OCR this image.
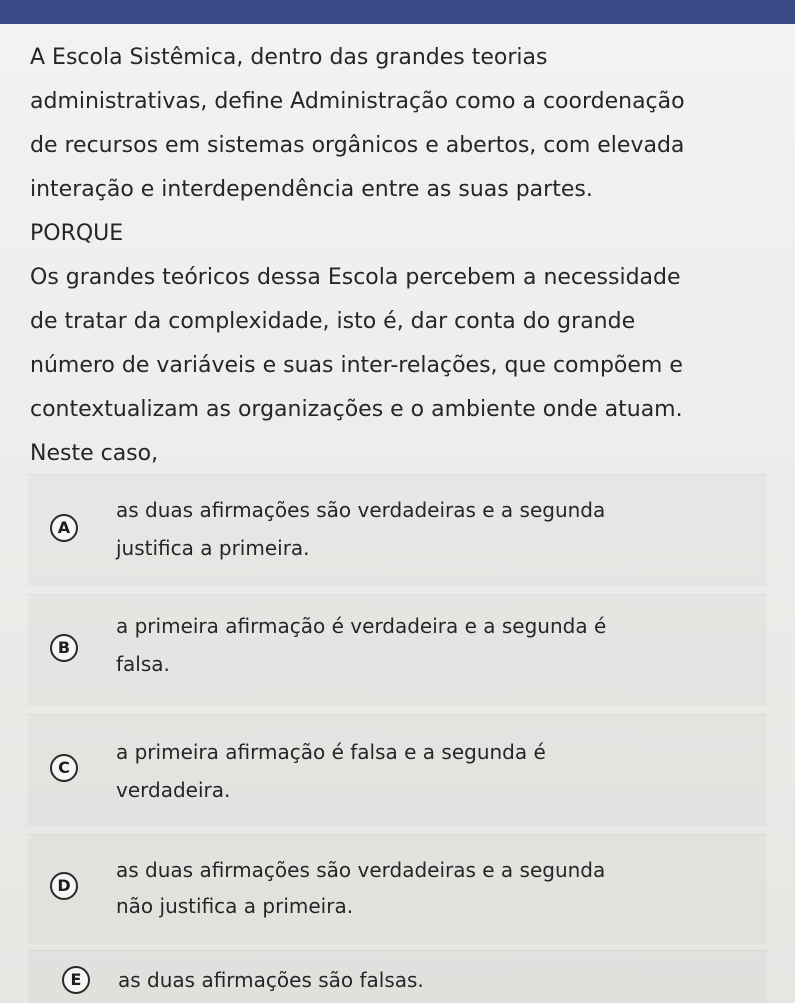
A Escola Sistêmica, dentro das grandes teorias

administrativas, define Administração como a coordenação

de recursos em sistemas orgânicos e abertos, com elevada

interação e interdependência entre as suas partes.

PORQUE

Os grandes teóricos dessa Escola percebem a necessidade

de tratar da complexidade, isto é, dar conta do grande

número de variáveis e suas inter-relações, que compõem e

contextualizam as organizações e o ambiente onde atuam.

Neste caso,

A
as duas afirmações são verdadeiras e a segunda
justifica a primeira.
B
a primeira afirmação é verdadeira e a segunda é
falsa.
C
a primeira afirmação é falsa e a segunda é
verdadeira.
D
as duas afirmações são verdadeiras e a segunda
não justifica a primeira.
E	as duas afirmações são falsas.
